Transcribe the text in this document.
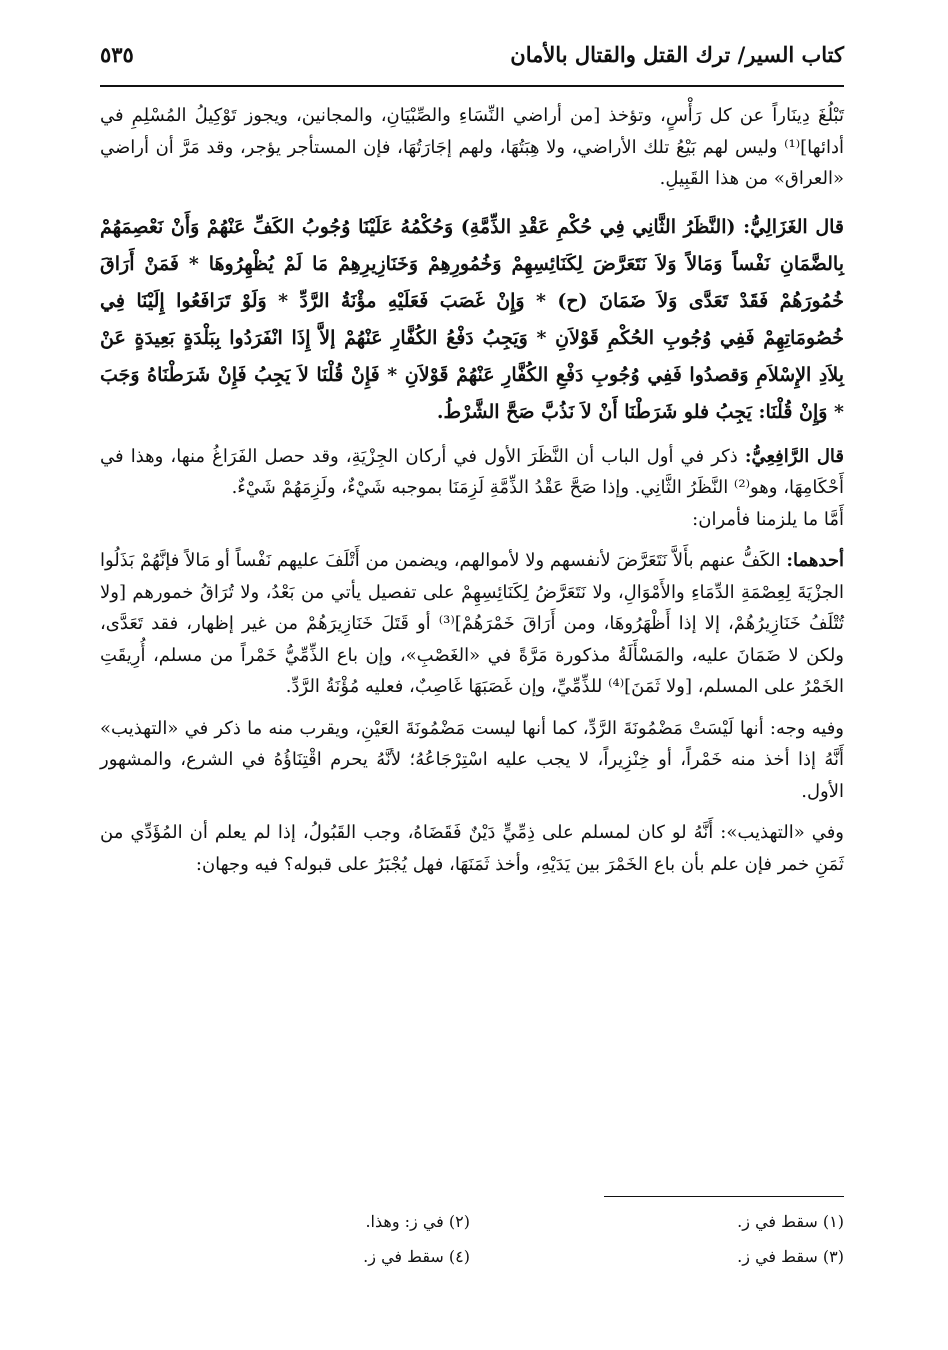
كتاب السير/ ترك القتل والقتال بالأمان
٥٣٥

تَبْلُغَ دِينَاراً عن كل رَأْسٍ، وتؤخذ [من أراضي النِّسَاءِ والصِّبْيَانِ، والمجانين، ويجوز تَوْكِيلُ المُسْلِمِ في أدائها]⁽¹⁾ وليس لهم بَيْعُ تلك الأراضي، ولا هِبَتُهَا، ولهم إجَارَتُهَا، فإن المستأجر يؤجر، وقد مَرَّ أن أراضي «العراق» من هذا القَبِيلِ.

قال الغَزَالِيُّ: (النَّظَرُ الثَّانِي فِي حُكْمِ عَقْدِ الذِّمَّةِ) وَحُكْمُهُ عَلَيْنَا وُجُوبُ الكَفِّ عَنْهُمْ وَأَنْ نَعْصِمَهُمْ بِالضَّمَانِ نَفْساً وَمَالاً وَلاَ نَتَعَرَّضَ لِكَنَائِسِهِمْ وَخُمُورِهِمْ وَخَنَازِيرِهِمْ مَا لَمْ يُظْهِرُوهَا * فَمَنْ أَرَاقَ خُمُورَهُمْ فَقَدْ تَعَدَّى وَلاَ ضَمَانَ (ح) * وَإِنْ غَصَبَ فَعَلَيْهِ مؤْنَةُ الرَّدِّ * وَلَوْ تَرَافَعُوا إِلَيْنَا فِي خُصُومَاتِهِمْ فَفِي وُجُوبِ الحُكْمِ قَوْلاَنِ * وَيَجِبُ دَفْعُ الكُفَّارِ عَنْهُمْ إلاَّ إِذَا انْفَرَدُوا بِبَلْدَةٍ بَعِيدَةٍ عَنْ بِلاَدِ الإِسْلاَمِ وَقصدُوا فَفِي وُجُوبِ دَفْعِ الكُفَّارِ عَنْهُمْ قَوْلاَنِ * فَإِنْ قُلْنَا لاَ يَجِبُ فَإِنْ شَرَطْنَاهُ وَجَبَ * وَإِنْ قُلْنَا: يَجِبُ فلو شَرَطْنَا أَنْ لاَ نَذُبَّ صَحَّ الشَّرْطُ.

قال الرَّافِعِيُّ: ذكر في أول الباب أن النَّظَرَ الأول في أركان الجِزْيَةِ، وقد حصل الفَرَاغُ منها، وهذا في أَحْكَامِهَا، وهو⁽²⁾ النَّظَرُ الثَّانِي. وإذا صَحَّ عَقْدُ الذِّمَّةِ لَزِمَنَا بموجبه شَيْءٌ، ولَزِمَهُمْ شَيْءٌ.

أَمَّا ما يلزمنا فأمران:

أحدهما: الكَفُّ عنهم بأَلاَّ نَتَعَرَّضَ لأنفسهم ولا لأموالهم، ويضمن من أَتْلَفَ عليهم نَفْساً أو مَالاً فإنَّهُمْ بَذَلُوا الجزْيَةَ لِعِصْمَةِ الدِّمَاءِ والأَمْوَالِ، ولا نَتَعَرَّضُ لِكَنَائِسِهِمْ على تفصيل يأتي من بَعْدُ، ولا تُرَاقُ خمورهم [ولا تُتْلَفُ خَنَازِيرُهُمْ، إلا إذا أَظْهَرُوهَا، ومن أَرَاقَ خَمْرَهُمْ]⁽³⁾ أو قَتَلَ خَنَازِيرَهُمْ من غير إظهار، فقد تَعَدَّى، ولكن لا ضَمَانَ عليه، والمَسْأَلَةُ مذكورة مَرَّةً في «الغَصْبِ»، وإن باع الذِّمِّيُّ خَمْراً من مسلم، أُرِيقَتِ الخَمْرُ على المسلم، [ولا ثَمَنَ]⁽⁴⁾ للذِّمِّيِّ، وإن غَصَبَهَا غَاصِبٌ، فعليه مُؤْنَةُ الرَّدِّ.

وفيه وجه: أنها لَيْسَتْ مَضْمُونَةَ الرَّدِّ، كما أنها ليست مَضْمُونَةَ العَيْنِ، ويقرب منه ما ذكر في «التهذيب» أَنَّهُ إذا أخذ منه خَمْراً، أو خِنْزِيراً، لا يجب عليه اسْتِرْجَاعُهُ؛ لأنَّهُ يحرم اقْتِنَاؤُهُ في الشرع، والمشهور الأول.

وفي «التهذيب»: أَنَّهُ لو كان لمسلم على ذِمِّيٍّ دَيْنٌ فَقَضَاهُ، وجب القَبُولُ، إذا لم يعلم أن المُؤَدِّي من ثَمَنِ خمر فإن علم بأن باع الخَمْرَ بين يَدَيْهِ، وأخذ ثَمَنَهَا، فهل يُجْبَرُ على قبوله؟ فيه وجهان:

(١) سقط في ز.
(٢) في ز: وهذا.
(٣) سقط في ز.
(٤) سقط في ز.
